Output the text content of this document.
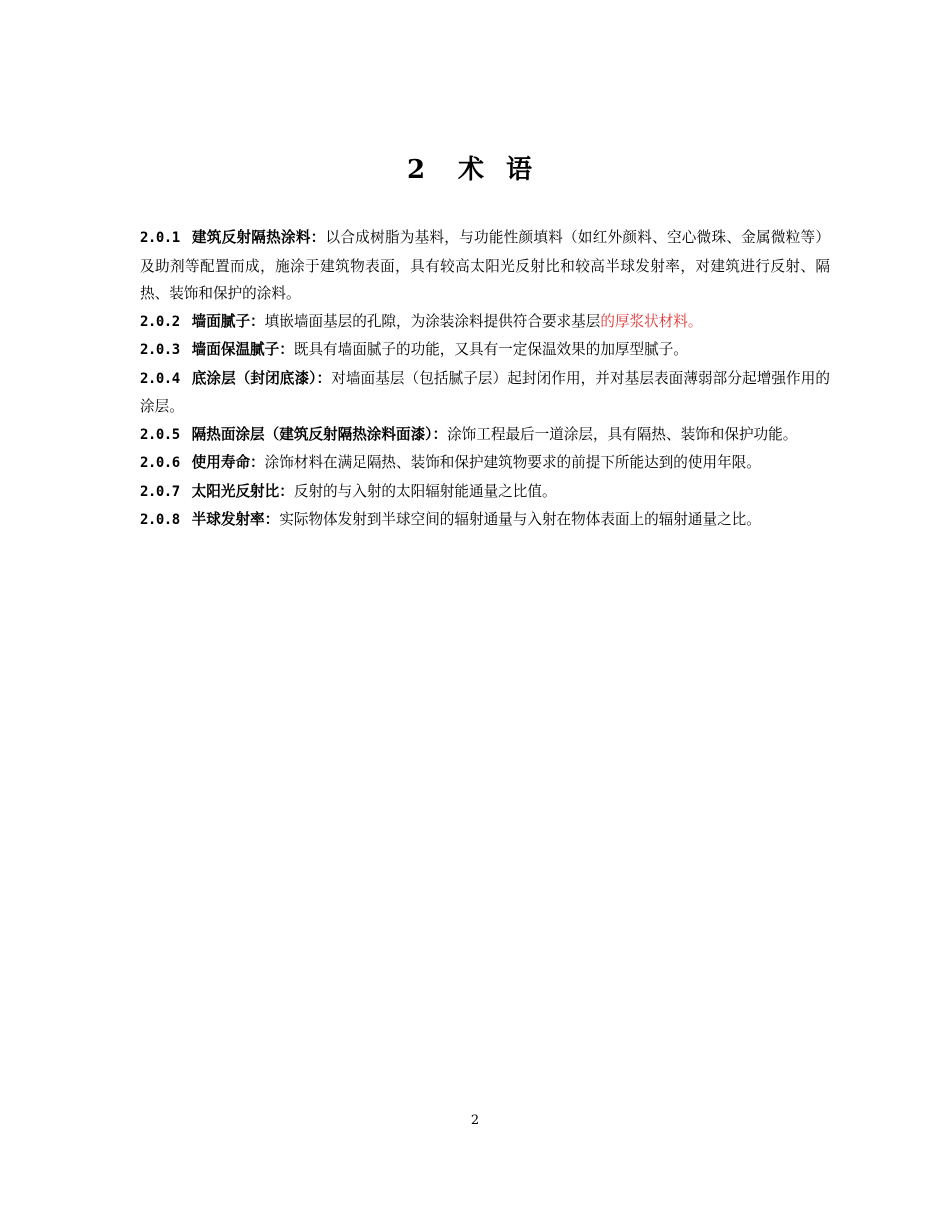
2 术 语

2.0.1 建筑反射隔热涂料：以合成树脂为基料，与功能性颜填料（如红外颜料、空心微珠、金属微粒等）及助剂等配置而成，施涂于建筑物表面，具有较高太阳光反射比和较高半球发射率，对建筑进行反射、隔热、装饰和保护的涂料。

2.0.2 墙面腻子：填嵌墙面基层的孔隙，为涂装涂料提供符合要求基层的厚浆状材料。

2.0.3 墙面保温腻子：既具有墙面腻子的功能，又具有一定保温效果的加厚型腻子。

2.0.4 底涂层（封闭底漆）：对墙面基层（包括腻子层）起封闭作用，并对基层表面薄弱部分起增强作用的涂层。

2.0.5 隔热面涂层（建筑反射隔热涂料面漆）：涂饰工程最后一道涂层，具有隔热、装饰和保护功能。

2.0.6 使用寿命：涂饰材料在满足隔热、装饰和保护建筑物要求的前提下所能达到的使用年限。

2.0.7 太阳光反射比：反射的与入射的太阳辐射能通量之比值。

2.0.8 半球发射率：实际物体发射到半球空间的辐射通量与入射在物体表面上的辐射通量之比。

2
